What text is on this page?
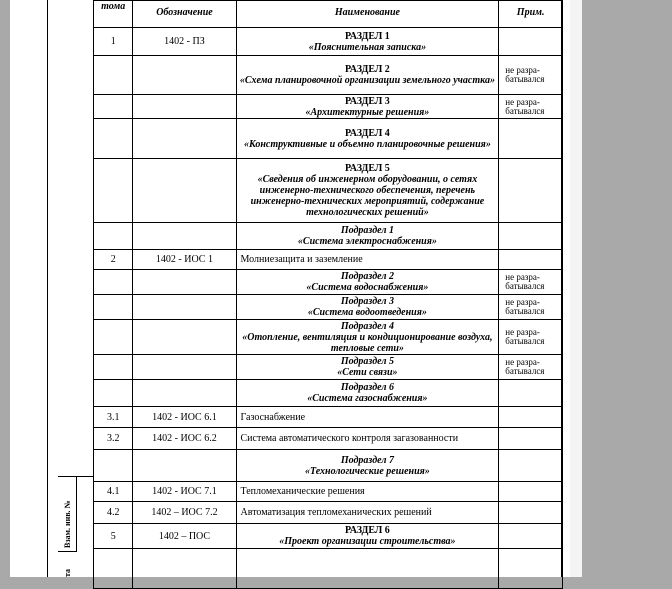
Взам. инв. №
та
тома	Обозначение	Наименование	Прим.
1	1402 - ПЗ	РАЗДЕЛ 1
«Пояснительная записка»	

		РАЗДЕЛ 2
«Схема планировочной организации земельного участка»	не разра- батывался

		РАЗДЕЛ 3
«Архитектурные решения»	не разра- батывался

		РАЗДЕЛ 4
«Конструктивные и объемно планировочные решения»	

		РАЗДЕЛ 5
«Сведения об инженерном оборудовании, о сетях инженерно-технического обеспечения, перечень инженерно-технических мероприятий, содержание технологических решений»	

		Подраздел 1
«Система электроснабжения»	

2	1402 - ИОС 1	Молниезащита и заземление	

		Подраздел 2
«Система водоснабжения»	не разра- батывался

		Подраздел 3
«Система водоотведения»	не разра- батывался

		Подраздел 4
«Отопление, вентиляция и кондиционирование воздуха, тепловые сети»	не разра- батывался

		Подраздел 5
«Сети связи»	не разра- батывался

		Подраздел 6
«Система газоснабжения»	

3.1	1402 - ИОС 6.1	Газоснабжение	
3.2	1402 - ИОС 6.2	Система автоматического контроля загазованности	

		Подраздел 7
«Технологические решения»	

4.1	1402 - ИОС 7.1	Тепломеханические решения	
4.2	1402 – ИОС 7.2	Автоматизация тепломеханических решений	
5	1402 – ПОС	РАЗДЕЛ 6
«Проект организации строительства»	
